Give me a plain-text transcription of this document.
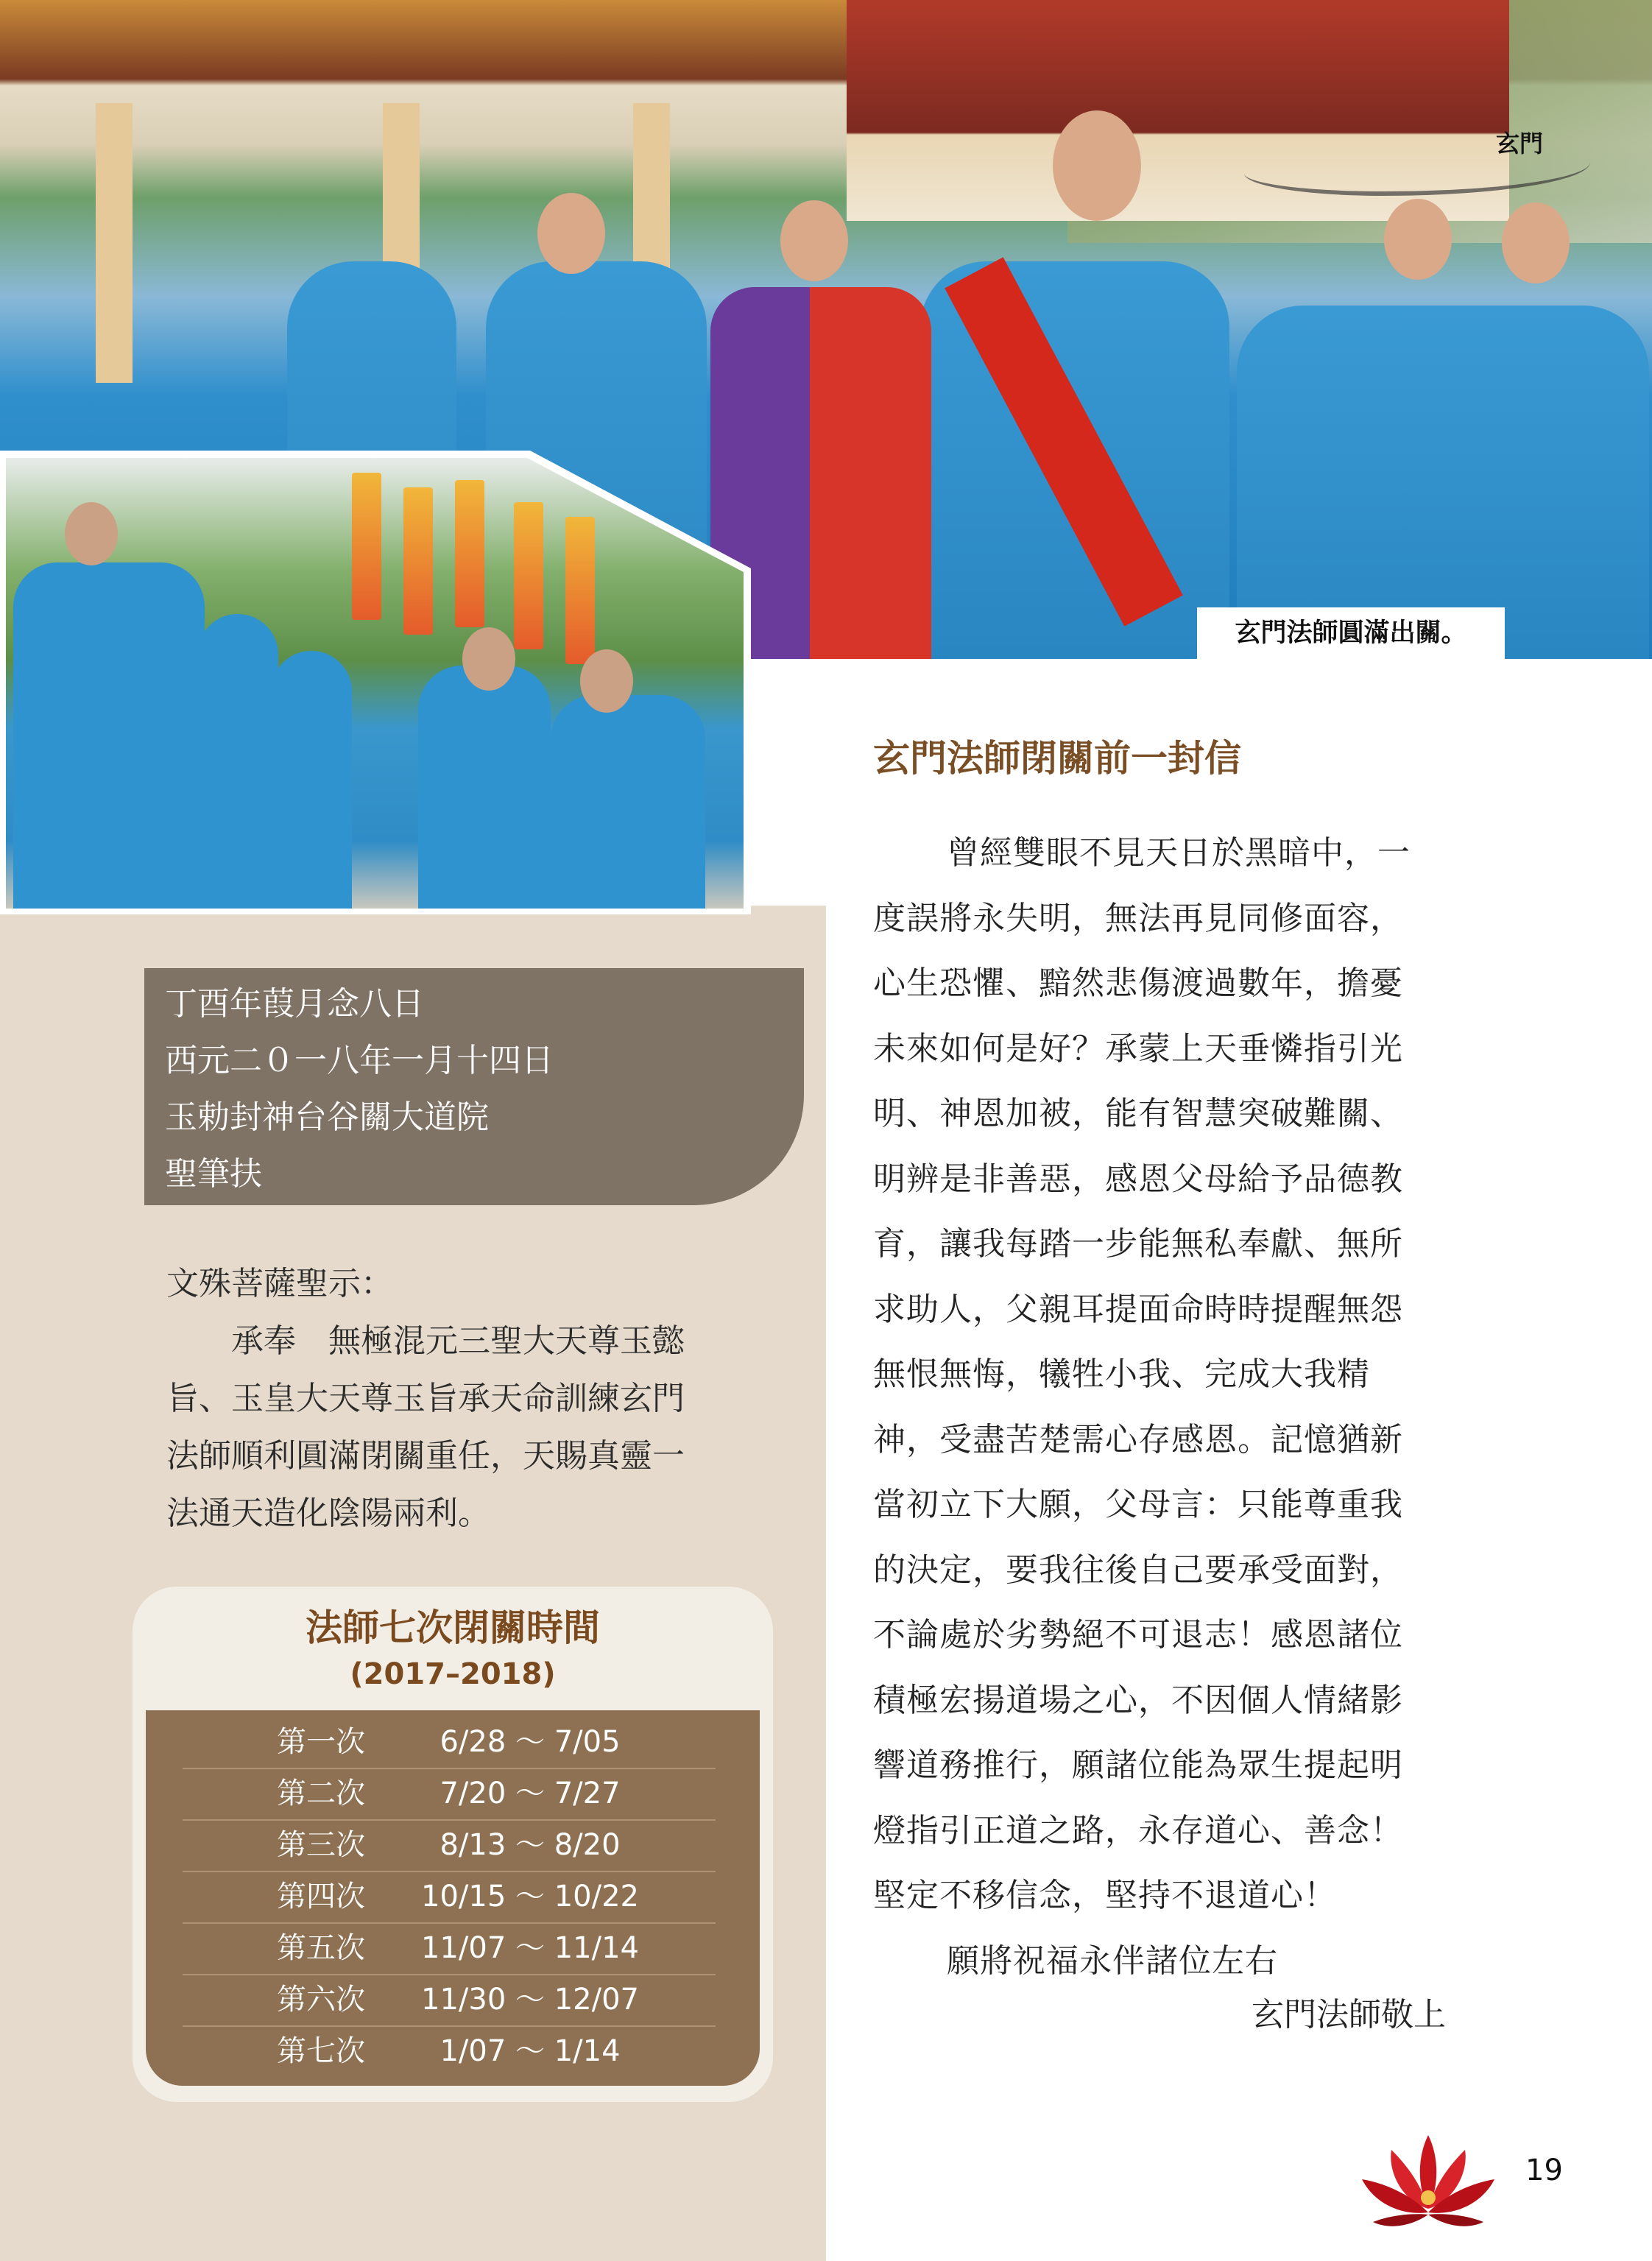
玄門
玄門法師圓滿出關。
丁酉年葭月念八日
西元二０一八年一月十四日
玉勅封神台谷關大道院
聖筆扶
文殊菩薩聖示：
　　承奉　無極混元三聖大天尊玉懿
旨、玉皇大天尊玉旨承天命訓練玄門
法師順利圓滿閉關重任，天賜真靈一
法通天造化陰陽兩利。
法師七次閉關時間
(2017–2018)
第一次	6/28 ～ 7/05
第二次	7/20 ～ 7/27
第三次	8/13 ～ 8/20
第四次	10/15 ～ 10/22
第五次	11/07 ～ 11/14
第六次	11/30 ～ 12/07
第七次	1/07 ～ 1/14
玄門法師閉關前一封信
曾經雙眼不見天日於黑暗中，一
度誤將永失明，無法再見同修面容，
心生恐懼、黯然悲傷渡過數年，擔憂
未來如何是好？承蒙上天垂憐指引光
明、神恩加被，能有智慧突破難關、
明辨是非善惡，感恩父母給予品德教
育，讓我每踏一步能無私奉獻、無所
求助人，父親耳提面命時時提醒無怨
無恨無悔，犧牲小我、完成大我精
神，受盡苦楚需心存感恩。記憶猶新
當初立下大願，父母言：只能尊重我
的決定，要我往後自己要承受面對，
不論處於劣勢絕不可退志！感恩諸位
積極宏揚道場之心，不因個人情緒影
響道務推行，願諸位能為眾生提起明
燈指引正道之路，永存道心、善念！
堅定不移信念，堅持不退道心！
願將祝福永伴諸位左右
玄門法師敬上
19
